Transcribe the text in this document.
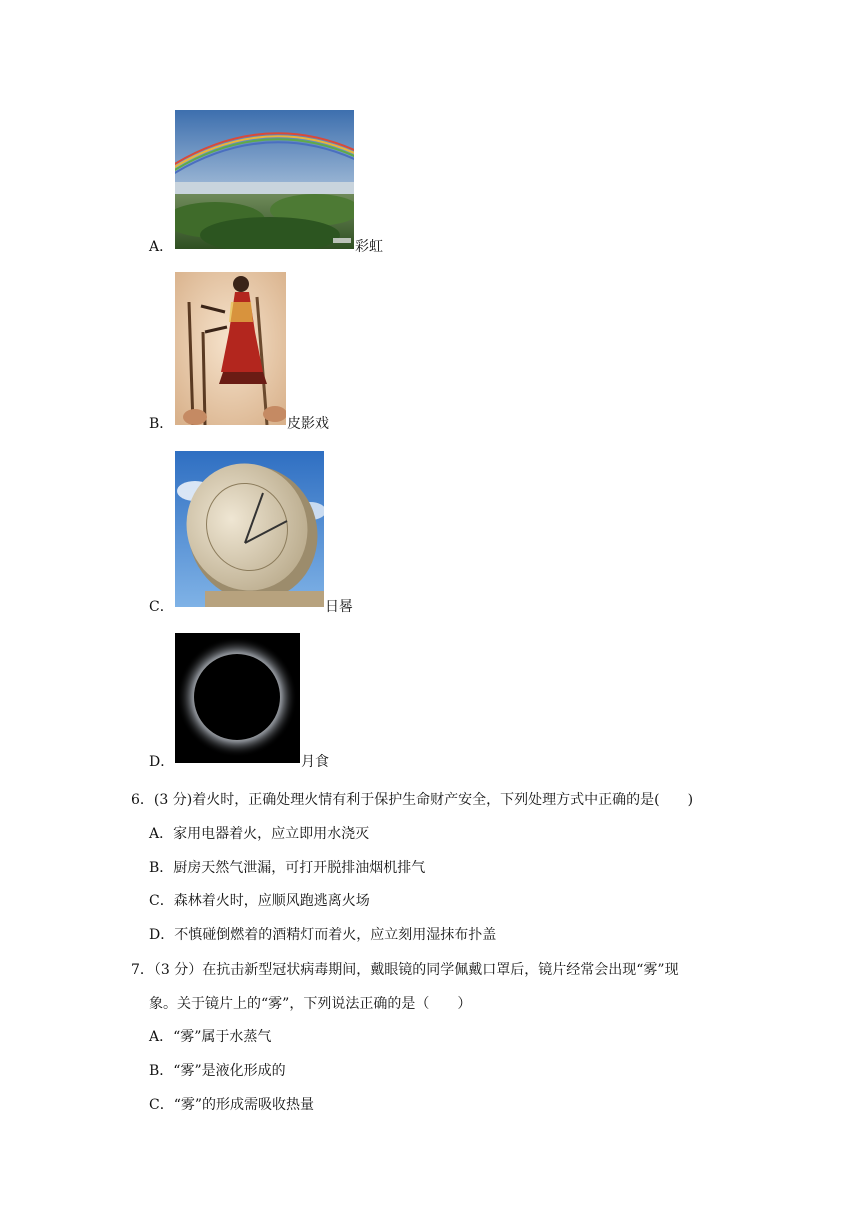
A．	彩虹
B．	皮影戏
C．	日晷
D．	月食
6．(3 分)着火时，正确处理火情有利于保护生命财产安全，下列处理方式中正确的是(　　)
A．家用电器着火，应立即用水浇灭
B．厨房天然气泄漏，可打开脱排油烟机排气
C．森林着火时，应顺风跑逃离火场
D．不慎碰倒燃着的酒精灯而着火，应立刻用湿抹布扑盖
7．（3 分）在抗击新型冠状病毒期间，戴眼镜的同学佩戴口罩后，镜片经常会出现“雾”现
象。关于镜片上的“雾”，下列说法正确的是（　　）
A．“雾”属于水蒸气
B．“雾”是液化形成的
C．“雾”的形成需吸收热量
